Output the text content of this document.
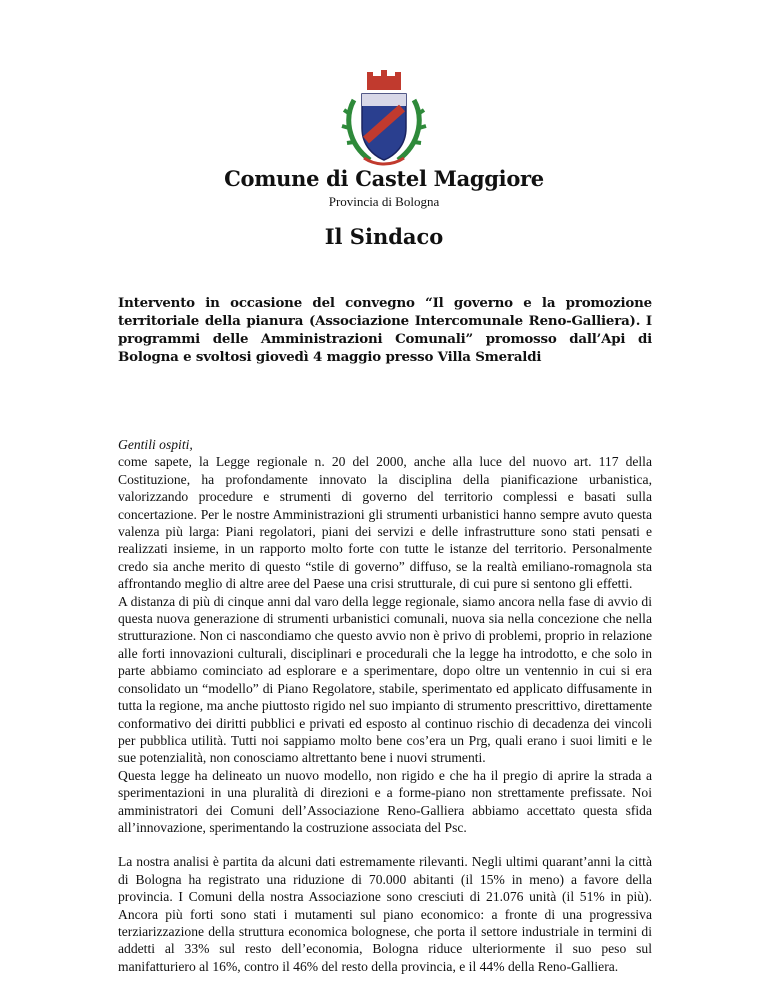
Comune di Castel Maggiore
Provincia di Bologna
Il Sindaco
Intervento in occasione del convegno “Il governo e la promozione territoriale della pianura (Associazione Intercomunale Reno-Galliera). I programmi delle Amministrazioni Comunali” promosso dall’Api di Bologna e svoltosi giovedì 4 maggio presso Villa Smeraldi

Gentili ospiti,

come sapete, la Legge regionale n. 20 del 2000, anche alla luce del nuovo art. 117 della Costituzione, ha profondamente innovato la disciplina della pianificazione urbanistica, valorizzando procedure e strumenti di governo del territorio complessi e basati sulla concertazione. Per le nostre Amministrazioni gli strumenti urbanistici hanno sempre avuto questa valenza più larga: Piani regolatori, piani dei servizi e delle infrastrutture sono stati pensati e realizzati insieme, in un rapporto molto forte con tutte le istanze del territorio. Personalmente credo sia anche merito di questo “stile di governo” diffuso, se la realtà emiliano-romagnola sta affrontando meglio di altre aree del Paese una crisi strutturale, di cui pure si sentono gli effetti.

A distanza di più di cinque anni dal varo della legge regionale, siamo ancora nella fase di avvio di questa nuova generazione di strumenti urbanistici comunali, nuova sia nella concezione che nella strutturazione. Non ci nascondiamo che questo avvio non è privo di problemi, proprio in relazione alle forti innovazioni culturali, disciplinari e procedurali che la legge ha introdotto, e che solo in parte abbiamo cominciato ad esplorare e a sperimentare, dopo oltre un ventennio in cui si era consolidato un “modello” di Piano Regolatore, stabile, sperimentato ed applicato diffusamente in tutta la regione, ma anche piuttosto rigido nel suo impianto di strumento prescrittivo, direttamente conformativo dei diritti pubblici e privati ed esposto al continuo rischio di decadenza dei vincoli per pubblica utilità. Tutti noi sappiamo molto bene cos’era un Prg, quali erano i suoi limiti e le sue potenzialità, non conosciamo altrettanto bene i nuovi strumenti.

Questa legge ha delineato un nuovo modello, non rigido e che ha il pregio di aprire la strada a sperimentazioni in una pluralità di direzioni e a forme-piano non strettamente prefissate. Noi amministratori dei Comuni dell’Associazione Reno-Galliera abbiamo accettato questa sfida all’innovazione, sperimentando la costruzione associata del Psc.

La nostra analisi è partita da alcuni dati estremamente rilevanti. Negli ultimi quarant’anni la città di Bologna ha registrato una riduzione di 70.000 abitanti (il 15% in meno) a favore della provincia. I Comuni della nostra Associazione sono cresciuti di 21.076 unità (il 51% in più). Ancora più forti sono stati i mutamenti sul piano economico: a fronte di una progressiva terziarizzazione della struttura economica bolognese, che porta il settore industriale in termini di addetti al 33% sul resto dell’economia, Bologna riduce ulteriormente il suo peso sul manifatturiero al 16%, contro il 46% del resto della provincia, e il 44% della Reno-Galliera.
